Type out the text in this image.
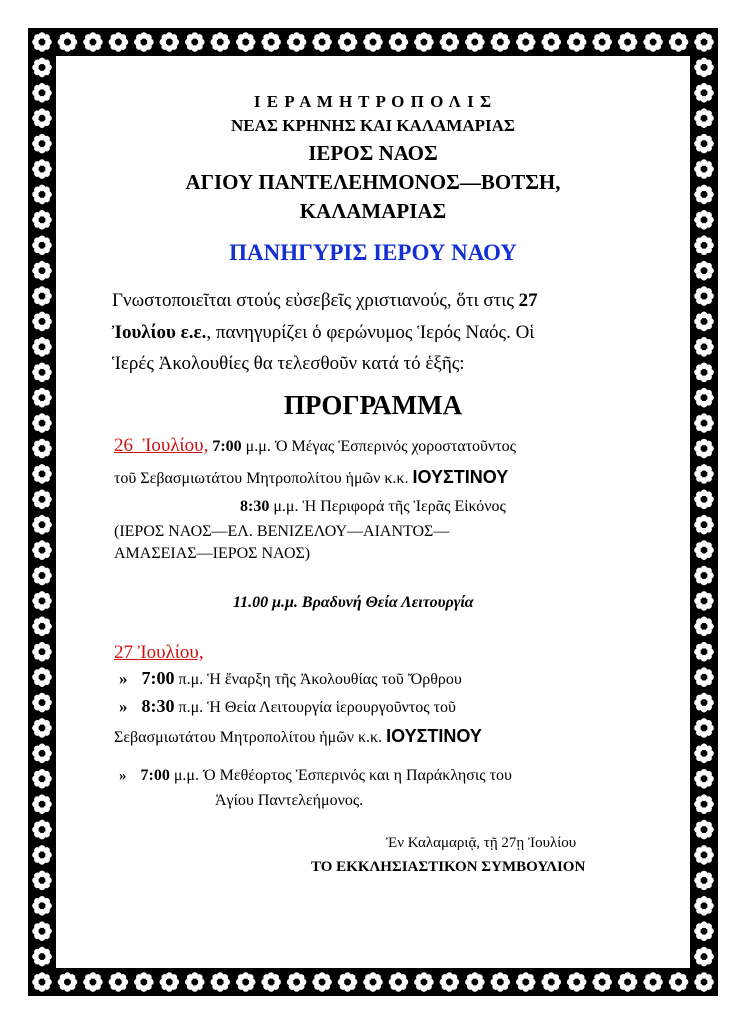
Ι Ε Ρ Α Μ Η Τ Ρ Ο Π Ο Λ Ι Σ
ΝΕΑΣ ΚΡΗΝΗΣ ΚΑΙ ΚΑΛΑΜΑΡΙΑΣ
ΙΕΡΟΣ ΝΑΟΣ
ΑΓΙΟΥ ΠΑΝΤΕΛΕΗΜΟΝΟΣ—ΒΟΤΣΗ,
ΚΑΛΑΜΑΡΙΑΣ
ΠΑΝΗΓΥΡΙΣ ΙΕΡΟΥ ΝΑΟΥ
Γνωστοποιεῖται στούς εὐσεβεῖς χριστιανούς, ὅτι στις 27
Ἰουλίου ε.ε., πανηγυρίζει ὁ φερώνυμος Ἱερός Ναός. Οἱ
Ἱερές Ἀκολουθίες θα τελεσθοῦν κατά τό ἑξῆς:
ΠΡΟΓΡΑΜΜΑ
26 Ἰουλίου, 7:00 μ.μ. Ὁ Μέγας Ἑσπερινός χοροστατοῦντος
τοῦ Σεβασμιωτάτου Μητροπολίτου ἡμῶν κ.κ. ΙΟΥΣΤΙΝΟΥ
8:30 μ.μ. Ἡ Περιφορά τῆς Ἱερᾶς Εἰκόνος
(ΙΕΡΟΣ ΝΑΟΣ—ΕΛ. ΒΕΝΙΖΕΛΟΥ—ΑΙΑΝΤΟΣ—
ΑΜΑΣΕΙΑΣ—ΙΕΡΟΣ ΝΑΟΣ)
11.00 μ.μ. Βραδυνή Θεία Λειτουργία
27 Ἰουλίου,
» 7:00 π.μ. Ἡ ἔναρξη τῆς Ἀκολουθίας τοῦ Ὄρθρου
» 8:30 π.μ. Ἡ Θεία Λειτουργία ἱερουργοῦντος τοῦ
Σεβασμιωτάτου Μητροπολίτου ἡμῶν κ.κ. ΙΟΥΣΤΙΝΟΥ
» 7:00 μ.μ. Ὁ Μεθέορτος Ἑσπερινός και η Παράκλησις του
Ἁγίου Παντελεήμονος.
Ἐν Καλαμαριᾷ, τῇ 27ῃ Ἰουλίου
ΤΟ ΕΚΚΛΗΣΙΑΣΤΙΚΟΝ ΣΥΜΒΟΥΛΙΟΝ
